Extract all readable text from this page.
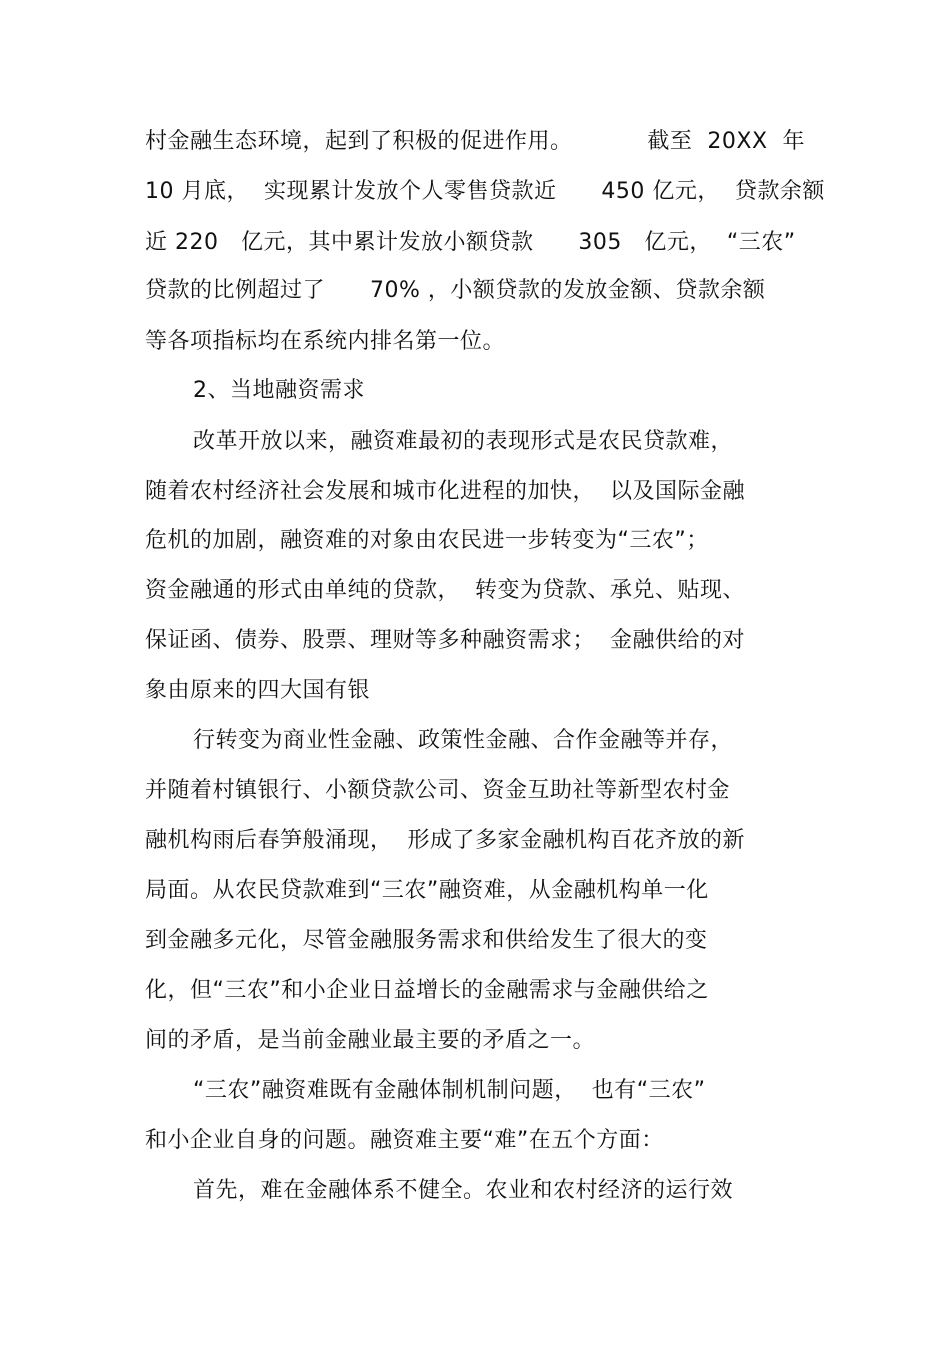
村金融生态环境，起到了积极的促进作用。          截至  20XX  年
10 月底，  实现累计发放个人零售贷款近      450 亿元，  贷款余额
近 220   亿元，其中累计发放小额贷款      305   亿元，  “三农”
贷款的比例超过了      70% ，小额贷款的发放金额、贷款余额
等各项指标均在系统内排名第一位。
2、当地融资需求
改革开放以来，融资难最初的表现形式是农民贷款难，
随着农村经济社会发展和城市化进程的加快，  以及国际金融
危机的加剧，融资难的对象由农民进一步转变为“三农”；
资金融通的形式由单纯的贷款，  转变为贷款、承兑、贴现、
保证函、债券、股票、理财等多种融资需求；  金融供给的对
象由原来的四大国有银
行转变为商业性金融、政策性金融、合作金融等并存，
并随着村镇银行、小额贷款公司、资金互助社等新型农村金
融机构雨后春笋般涌现，  形成了多家金融机构百花齐放的新
局面。从农民贷款难到“三农”融资难，从金融机构单一化
到金融多元化，尽管金融服务需求和供给发生了很大的变
化，但“三农”和小企业日益增长的金融需求与金融供给之
间的矛盾，是当前金融业最主要的矛盾之一。
“三农”融资难既有金融体制机制问题，  也有“三农”
和小企业自身的问题。融资难主要“难”在五个方面：
首先，难在金融体系不健全。农业和农村经济的运行效
